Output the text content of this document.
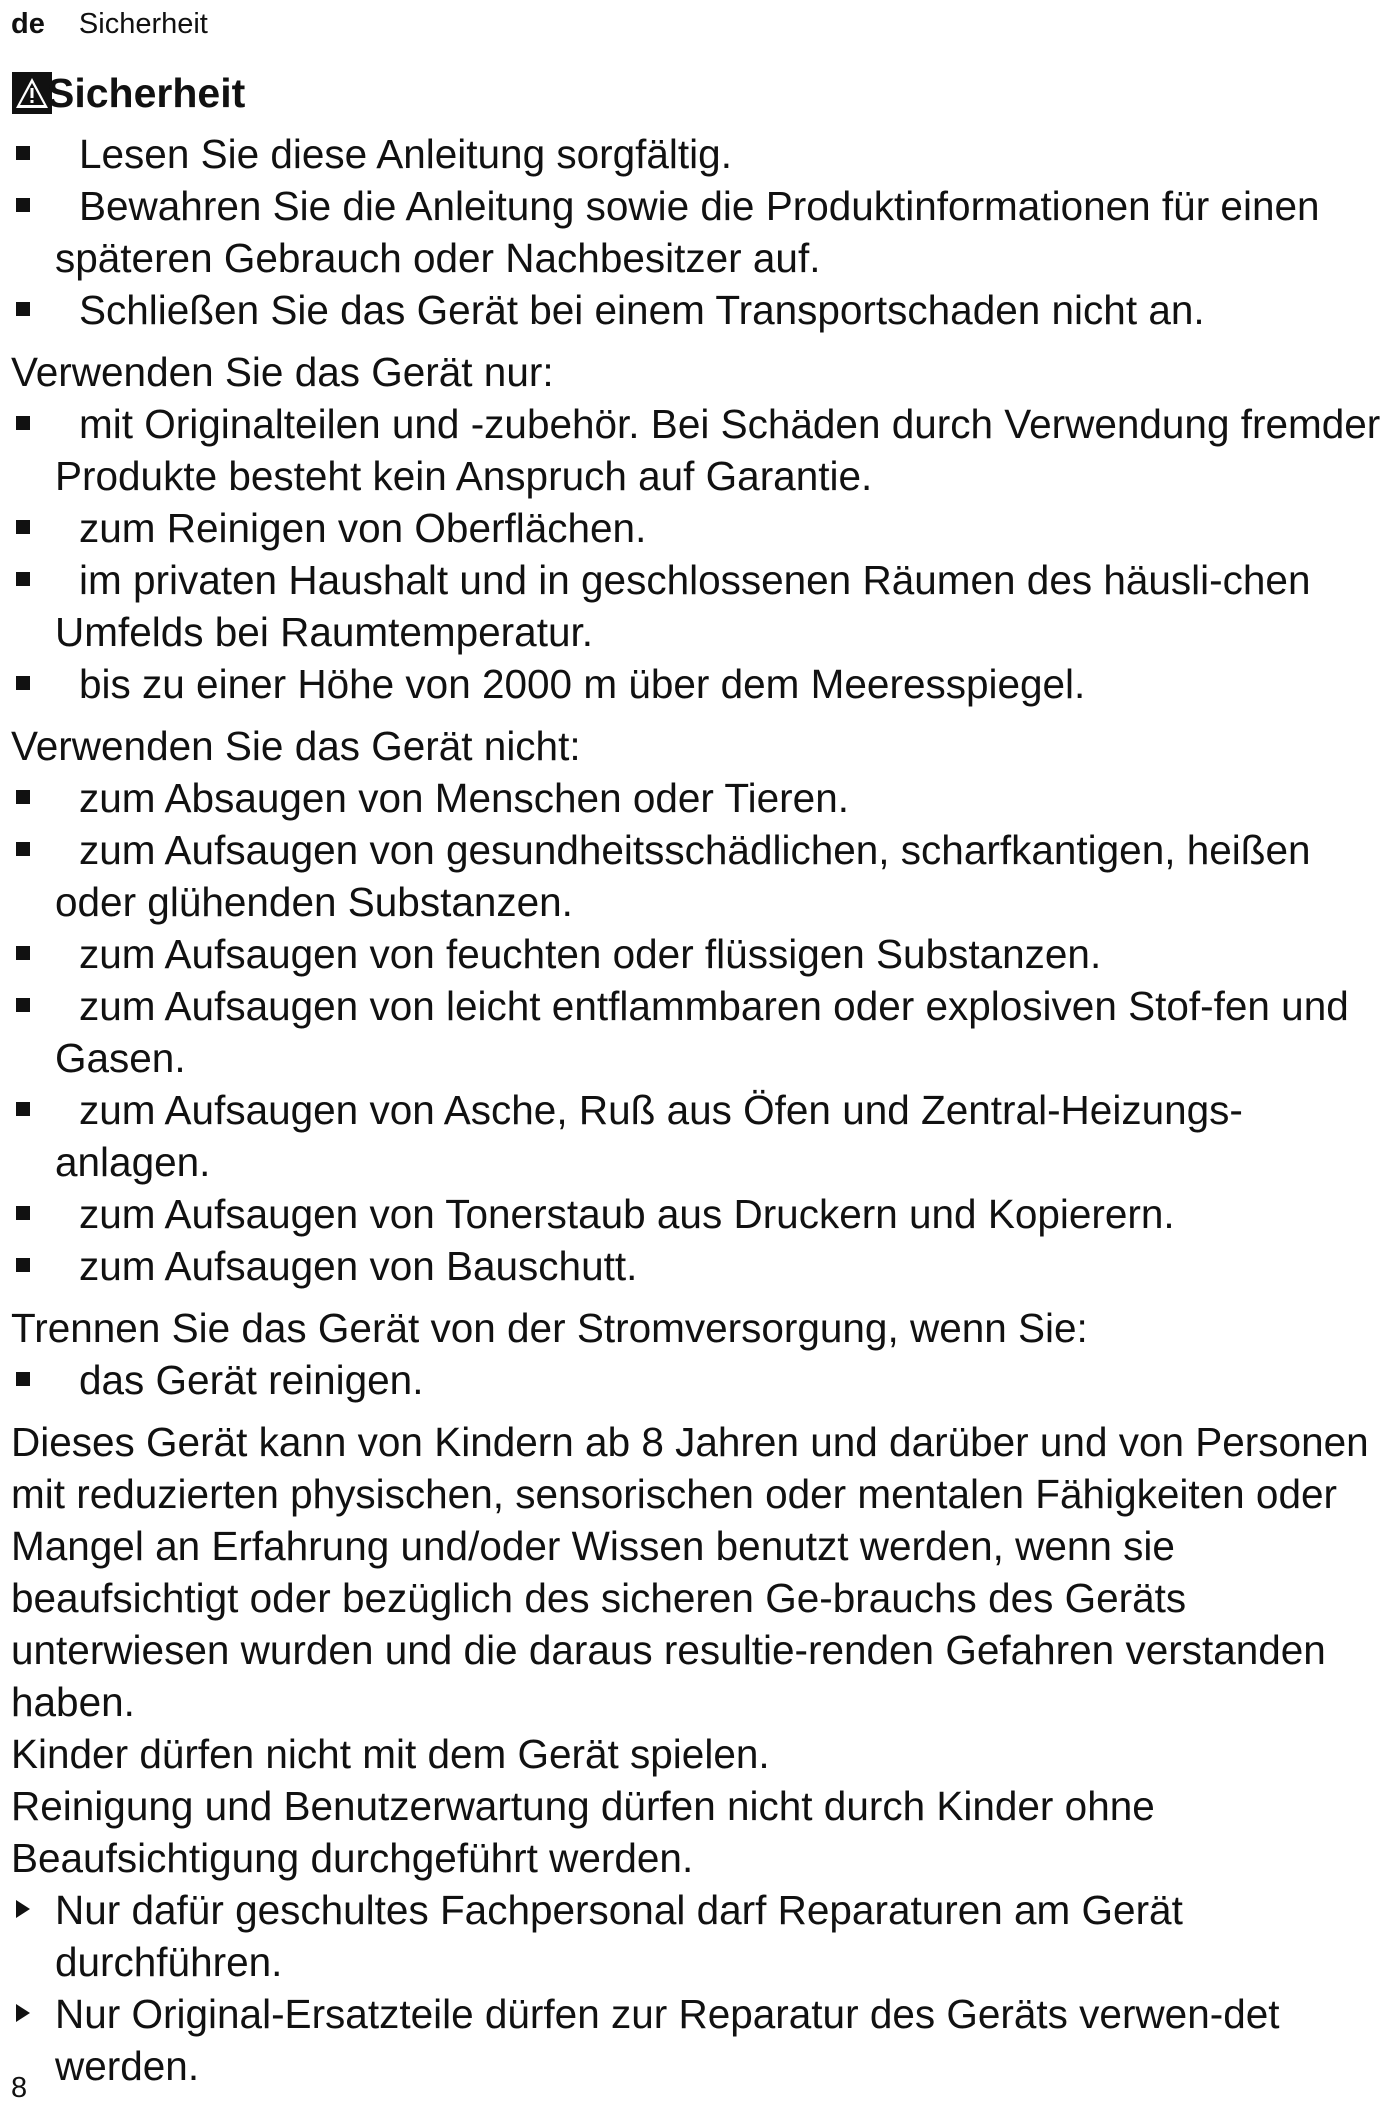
de Sicherheit
Sicherheit

Lesen Sie diese Anleitung sorgfältig.

Bewahren Sie die Anleitung sowie die Produktinformationen für einen späteren Gebrauch oder Nachbesitzer auf.

Schließen Sie das Gerät bei einem Transportschaden nicht an.

Verwenden Sie das Gerät nur:

mit Originalteilen und -zubehör. Bei Schäden durch Verwendung fremder Produkte besteht kein Anspruch auf Garantie.

zum Reinigen von Oberflächen.

im privaten Haushalt und in geschlossenen Räumen des häusli-chen Umfelds bei Raumtemperatur.

bis zu einer Höhe von 2000 m über dem Meeresspiegel.

Verwenden Sie das Gerät nicht:

zum Absaugen von Menschen oder Tieren.

zum Aufsaugen von gesundheitsschädlichen, scharfkantigen, heißen oder glühenden Substanzen.

zum Aufsaugen von feuchten oder flüssigen Substanzen.

zum Aufsaugen von leicht entflammbaren oder explosiven Stof-fen und Gasen.

zum Aufsaugen von Asche, Ruß aus Öfen und Zentral-Heizungs-anlagen.

zum Aufsaugen von Tonerstaub aus Druckern und Kopierern.

zum Aufsaugen von Bauschutt.

Trennen Sie das Gerät von der Stromversorgung, wenn Sie:

das Gerät reinigen.

Dieses Gerät kann von Kindern ab 8 Jahren und darüber und von Personen mit reduzierten physischen, sensorischen oder mentalen Fähigkeiten oder Mangel an Erfahrung und/oder Wissen benutzt werden, wenn sie beaufsichtigt oder bezüglich des sicheren Ge-brauchs des Geräts unterwiesen wurden und die daraus resultie-renden Gefahren verstanden haben.

Kinder dürfen nicht mit dem Gerät spielen.

Reinigung und Benutzerwartung dürfen nicht durch Kinder ohne Beaufsichtigung durchgeführt werden.

Nur dafür geschultes Fachpersonal darf Reparaturen am Gerät durchführen.

Nur Original-Ersatzteile dürfen zur Reparatur des Geräts verwen-det werden.

8
